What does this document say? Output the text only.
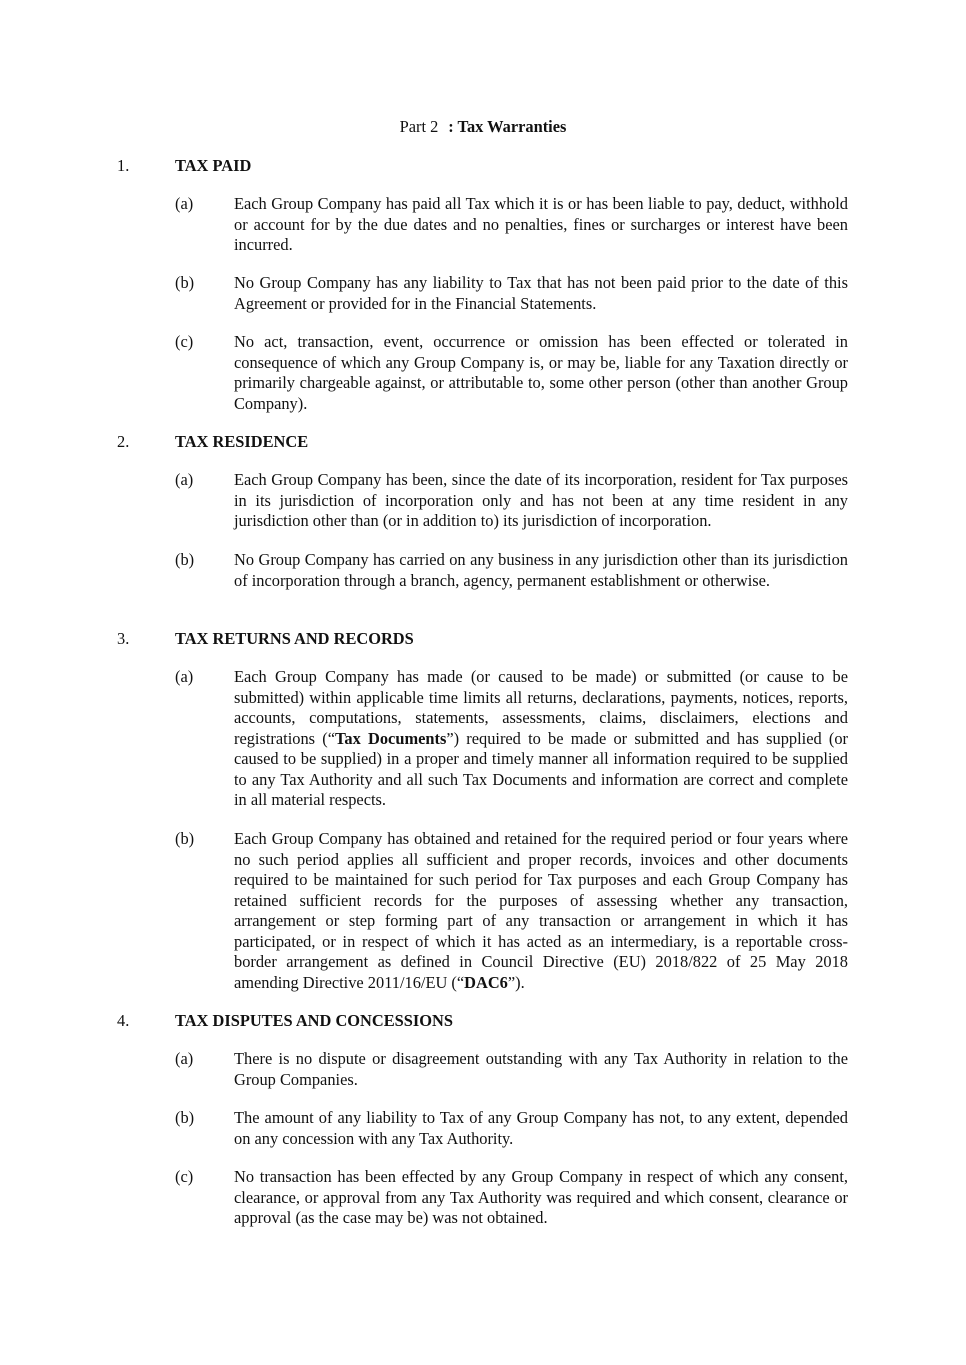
Part 2 : Tax Warranties
1.	TAX PAID
(a) Each Group Company has paid all Tax which it is or has been liable to pay, deduct, withhold or account for by the due dates and no penalties, fines or surcharges or interest have been incurred.
(b) No Group Company has any liability to Tax that has not been paid prior to the date of this Agreement or provided for in the Financial Statements.
(c) No act, transaction, event, occurrence or omission has been effected or tolerated in consequence of which any Group Company is, or may be, liable for any Taxation directly or primarily chargeable against, or attributable to, some other person (other than another Group Company).
2.	TAX RESIDENCE
(a) Each Group Company has been, since the date of its incorporation, resident for Tax purposes in its jurisdiction of incorporation only and has not been at any time resident in any jurisdiction other than (or in addition to) its jurisdiction of incorporation.
(b) No Group Company has carried on any business in any jurisdiction other than its jurisdiction of incorporation through a branch, agency, permanent establishment or otherwise.
3.	TAX RETURNS AND RECORDS
(a) Each Group Company has made (or caused to be made) or submitted (or cause to be submitted) within applicable time limits all returns, declarations, payments, notices, reports, accounts, computations, statements, assessments, claims, disclaimers, elections and registrations (“Tax Documents”) required to be made or submitted and has supplied (or caused to be supplied) in a proper and timely manner all information required to be supplied to any Tax Authority and all such Tax Documents and information are correct and complete in all material respects.
(b) Each Group Company has obtained and retained for the required period or four years where no such period applies all sufficient and proper records, invoices and other documents required to be maintained for such period for Tax purposes and each Group Company has retained sufficient records for the purposes of assessing whether any transaction, arrangement or step forming part of any transaction or arrangement in which it has participated, or in respect of which it has acted as an intermediary, is a reportable cross-border arrangement as defined in Council Directive (EU) 2018/822 of 25 May 2018 amending Directive 2011/16/EU (“DAC6”).
4.	TAX DISPUTES AND CONCESSIONS
(a) There is no dispute or disagreement outstanding with any Tax Authority in relation to the Group Companies.
(b) The amount of any liability to Tax of any Group Company has not, to any extent, depended on any concession with any Tax Authority.
(c) No transaction has been effected by any Group Company in respect of which any consent, clearance, or approval from any Tax Authority was required and which consent, clearance or approval (as the case may be) was not obtained.
